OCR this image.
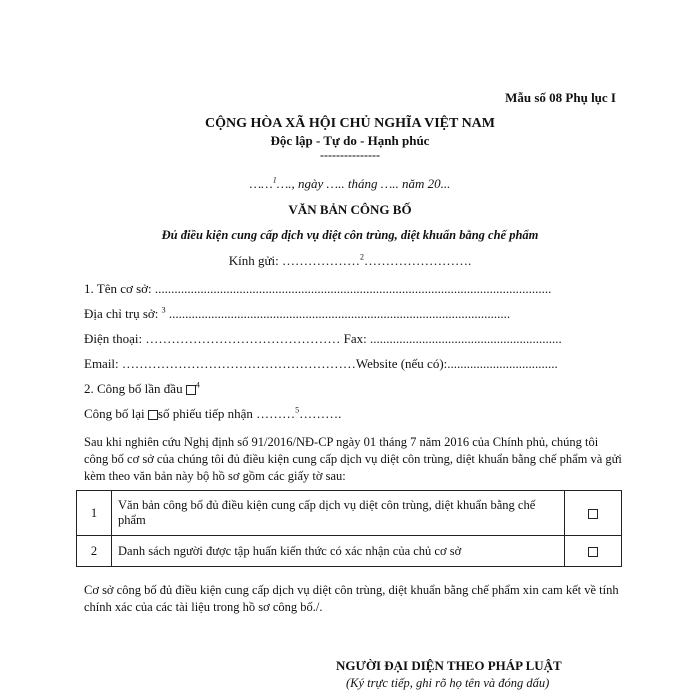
Mẫu số 08 Phụ lục I
CỘNG HÒA XÃ HỘI CHỦ NGHĨA VIỆT NAM
Độc lập - Tự do - Hạnh phúc
---------------
……$^1$…., ngày ….. tháng ….. năm 20...
VĂN BẢN CÔNG BỐ
Đủ điều kiện cung cấp dịch vụ diệt côn trùng, diệt khuẩn bằng chế phẩm
Kính gửi: ………………$^2$…………………….
1. Tên cơ sở: ..........................................................................................................................
Địa chỉ trụ sở: $^3$ .........................................................................................................
Điện thoại: ……………………………………… Fax: ...........................................................
Email: ………………………………………………Website (nếu có):..................................
2. Công bố lần đầu $^4$
Công bố lại số phiếu tiếp nhận ………$^5$……….
Sau khi nghiên cứu Nghị định số 91/2016/NĐ-CP ngày 01 tháng 7 năm 2016 của Chính phủ, chúng tôi công bố cơ sở của chúng tôi đủ điều kiện cung cấp dịch vụ diệt côn trùng, diệt khuẩn bằng chế phẩm và gửi kèm theo văn bản này bộ hồ sơ gồm các giấy tờ sau:
1	Văn bản công bố đủ điều kiện cung cấp dịch vụ diệt côn trùng, diệt khuẩn bằng chế phẩm	
2	Danh sách người được tập huấn kiến thức có xác nhận của chủ cơ sở	
Cơ sở công bố đủ điều kiện cung cấp dịch vụ diệt côn trùng, diệt khuẩn bằng chế phẩm xin cam kết về tính chính xác của các tài liệu trong hồ sơ công bố./.
NGƯỜI ĐẠI DIỆN THEO PHÁP LUẬT
(Ký trực tiếp, ghi rõ họ tên và đóng dấu)
